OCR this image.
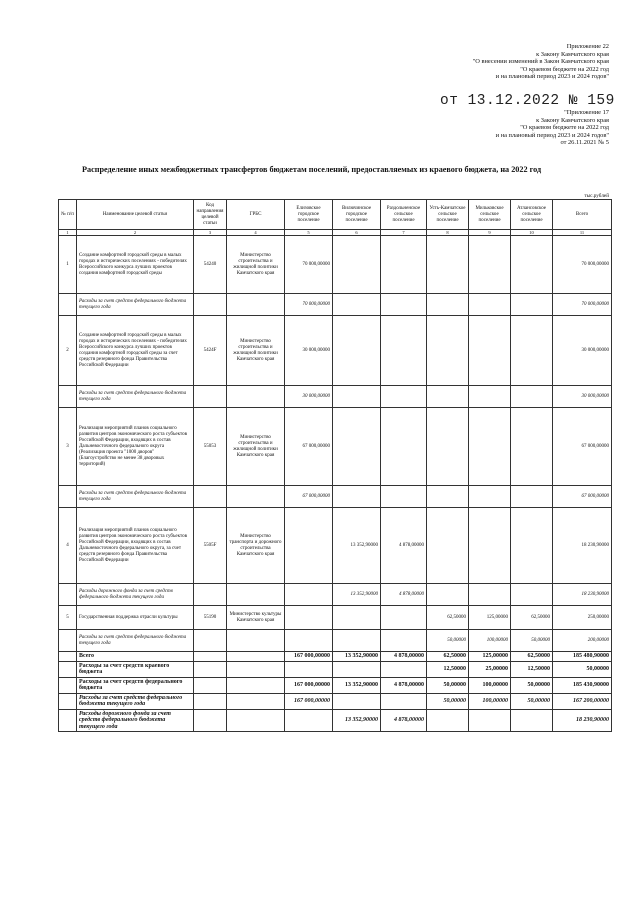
Приложение 22
к Закону Камчатского края
"О внесении изменений в Закон Камчатского края
"О краевом бюджете на 2022 год
и на плановый период 2023 и 2024 годов"
от 13.12.2022 № 159
"Приложение 17
к Закону Камчатского края
"О краевом бюджете на 2022 год
и на плановый период 2023 и 2024 годов"
от 26.11.2021 № 5
Распределение иных межбюджетных трансфертов бюджетам поселений, предоставляемых из краевого бюджета, на 2022 год
тыс.рублей
№ п/п	Наименование целевой статьи	Код направления целевой статьи	ГРБС	Елизовское городское поселение	Вилючинское городское поселение	Раздольненское сельское поселение	Усть-Камчатское сельское поселение	Мильковское сельское поселение	Атлансовское сельское поселение	Всего
1	2	3	4	5	6	7	8	9	10	11
1	Создание комфортной городской среды в малых городах и исторических поселениях - победителях Всероссийского конкурса лучших проектов создания комфортной городской среды	54240	Министерство строительства и жилищной политики Камчатского края	70 000,00000						70 000,00000
	Расходы за счет средств федерального бюджета текущего года			70 000,00000						70 000,00000
2	Создание комфортной городской среды в малых городах и исторических поселениях - победителях Всероссийского конкурса лучших проектов создания комфортной городской среды за счет средств резервного фонда Правительства Российской Федерации	5424F	Министерство строительства и жилищной политики Камчатского края	30 000,00000						30 000,00000
	Расходы за счет средств федерального бюджета текущего года			30 000,00000						30 000,00000
3	Реализация мероприятий планов социального развития центров экономического роста субъектов Российской Федерации, входящих в состав Дальневосточного федерального округа (Реализация проекта "1000 дворов" (Благоустройство не менее 38 дворовых территорий)	55053	Министерство строительства и жилищной политики Камчатского края	67 000,00000						67 000,00000
	Расходы за счет средств федерального бюджета текущего года			67 000,00000						67 000,00000
4	Реализация мероприятий планов социального развития центров экономического роста субъектов Российской Федерации, входящих в состав Дальневосточного федерального округа, за счет средств резервного фонда Правительства Российской Федерации	5505F	Министерство транспорта и дорожного строительства Камчатского края		13 352,90000	4 878,00000				18 230,90000
	Расходы дорожного фонда за счет средств федерального бюджета текущего года				13 352,90000	4 878,00000				18 230,90000
5	Государственная поддержка отрасли культуры	55190	Министерство культуры Камчатского края				62,50000	125,00000	62,50000	250,00000
	Расходы за счет средств федерального бюджета текущего года						50,00000	100,00000	50,00000	200,00000
	Всего			167 000,00000	13 352,90000	4 878,00000	62,50000	125,00000	62,50000	185 480,90000
	Расходы за счет средств краевого бюджета						12,50000	25,00000	12,50000	50,00000
	Расходы за счет средств федерального бюджета			167 000,00000	13 352,90000	4 878,00000	50,00000	100,00000	50,00000	185 430,90000
	Расходы за счет средств федерального бюджета текущего года			167 000,00000			50,00000	100,00000	50,00000	167 200,00000
	Расходы дорожного фонда за счет средств федерального бюджета текущего года				13 352,90000	4 878,00000				18 230,90000
